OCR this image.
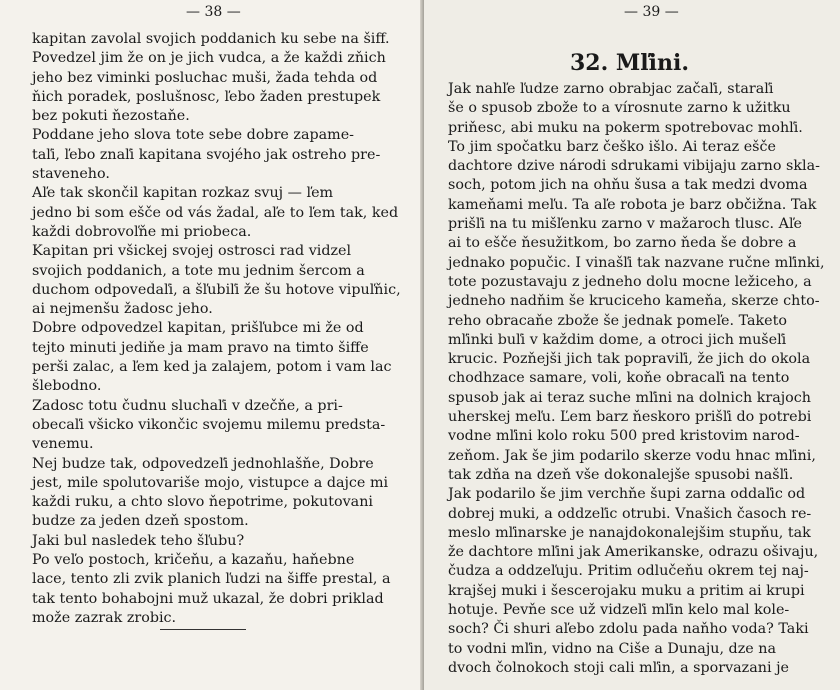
— 38 —
kapitan zavolal svojich poddanich ku sebe na šiff.
Povedzel jim že on je jich vudca, a že každi zňich
jeho bez viminki posluchac muši, žada tehda od
ňich poradek, poslušnosc, ľebo žaden prestupek
bez pokuti ňezostaňe.
Poddane jeho slova tote sebe dobre zapame-
taľi, ľebo znaľi kapitana svojého jak ostreho pre-
staveneho.
Aľe tak skončil kapitan rozkaz svuj — ľem
jedno bi som ešče od vás žadal, aľe to ľem tak, ked
každi dobrovoľňe mi priobeca.
Kapitan pri všickej svojej ostrosci rad vidzel
svojich poddanich, a tote mu jednim šercom a
duchom odpovedaľi, a šľubiľi že šu hotove vipuľňic,
ai nejmenšu žadosc jeho.
Dobre odpovedzel kapitan, prišľubce mi že od
tejto minuti jediňe ja mam pravo na timto šiffe
perši zalac, a ľem ked ja zalajem, potom i vam lac
šlebodno.
Zadosc totu čudnu sluchaľi v dzečňe, a pri-
obecaľi všicko vikončic svojemu milemu predsta-
venemu.
Nej budze tak, odpovedzeľi jednohlašňe, Dobre
jest, mile spolutovariše mojo, vistupce a dajce mi
každi ruku, a chto slovo ňepotrime, pokutovani
budze za jeden dzeň spostom.
Jaki bul nasledek teho šľubu?
Po veľo postoch, kričeňu, a kazaňu, haňebne
lace, tento zli zvik planich ľudzi na šiffe prestal, a
tak tento bohabojni muž ukazal, že dobri priklad
može zazrak zrobic.
— 39 —
32. Mľini.
Jak nahľe ľudze zarno obrabjac začaľi, staraľi
še o spusob zbože to a vírosnute zarno k užitku
priňesc, abi muku na pokerm spotrebovac mohľi.
To jim spočatku barz češko išlo. Ai teraz ešče
dachtore dzive národi sdrukami vibijaju zarno skla-
soch, potom jich na ohňu šusa a tak medzi dvoma
kameňami meľu. Ta aľe robota je barz občižna. Tak
prišľi na tu mišľenku zarno v mažaroch tlusc. Aľe
ai to ešče ňesužitkom, bo zarno ňeda še dobre a
jednako popučic. I vinašľi tak nazvane ručne mľinki,
tote pozustavaju z jedneho dolu mocne ležiceho, a
jedneho nadňim še kruciceho kameňa, skerze chto-
reho obracaňe zbože še jednak pomeľe. Taketo
mľinki buľi v každim dome, a otroci jich mušeľi
krucic. Pozňejši jich tak popraviľi, že jich do okola
chodhzace samare, voli, koňe obracaľi na tento
spusob jak ai teraz suche mľini na dolnich krajoch
uherskej meľu. Ľem barz ňeskoro prišľi do potrebi
vodne mľini kolo roku 500 pred kristovim narod-
zeňom. Jak še jim podarilo skerze vodu hnac mľini,
tak zdňa na dzeň vše dokonalejše spusobi našľi.
Jak podarilo še jim verchňe šupi zarna oddaľic od
dobrej muki, a oddzeľic otrubi. Vnašich časoch re-
meslo mľinarske je nanajdokonalejšim stupňu, tak
že dachtore mľini jak Amerikanske, odrazu ošivaju,
čudza a oddzeľuju. Pritim odlučeňu okrem tej naj-
krajšej muki i šescerojaku muku a pritim ai krupi
hotuje. Pevňe sce už vidzeľi mľin kelo mal kole-
soch? Či shuri aľebo zdolu pada naňho voda? Taki
to vodni mľin, vidno na Ciše a Dunaju, dze na
dvoch čolnokoch stoji cali mľin, a sporvazani je
